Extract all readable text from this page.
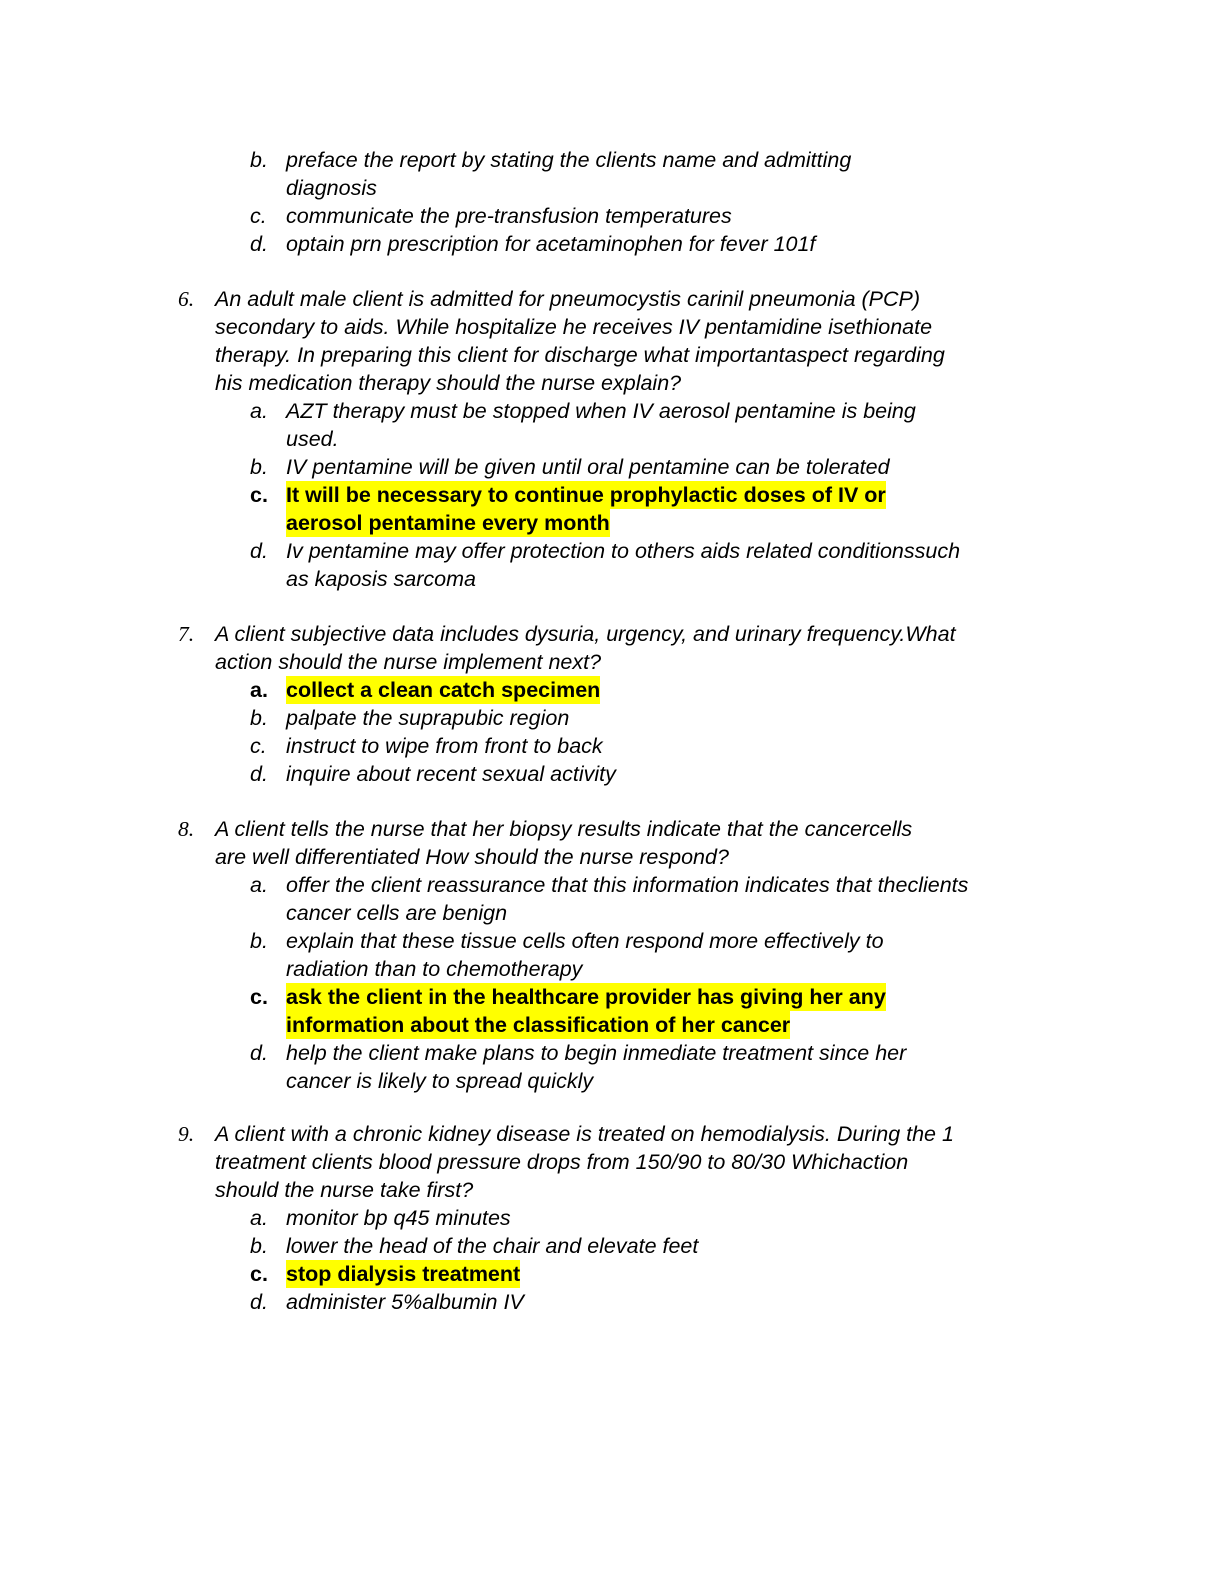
b. preface the report by stating the clients name and admitting
diagnosis
c. communicate the pre-transfusion temperatures
d. optain prn prescription for acetaminophen for fever 101f
6. An adult male client is admitted for pneumocystis carinil pneumonia (PCP)
secondary to aids. While hospitalize he receives IV pentamidine isethionate
therapy. In preparing this client for discharge what importantaspect regarding
his medication therapy should the nurse explain?
a. AZT therapy must be stopped when IV aerosol pentamine is being
used.
b. IV pentamine will be given until oral pentamine can be tolerated
c. It will be necessary to continue prophylactic doses of IV or
aerosol pentamine every month
d. Iv pentamine may offer protection to others aids related conditionssuch
as kaposis sarcoma
7. A client subjective data includes dysuria, urgency, and urinary frequency.What
action should the nurse implement next?
a. collect a clean catch specimen
b. palpate the suprapubic region
c. instruct to wipe from front to back
d. inquire about recent sexual activity
8. A client tells the nurse that her biopsy results indicate that the cancercells
are well differentiated How should the nurse respond?
a. offer the client reassurance that this information indicates that theclients
cancer cells are benign
b. explain that these tissue cells often respond more effectively to
radiation than to chemotherapy
c. ask the client in the healthcare provider has giving her any
information about the classification of her cancer
d. help the client make plans to begin inmediate treatment since her
cancer is likely to spread quickly
9. A client with a chronic kidney disease is treated on hemodialysis. During the 1
treatment clients blood pressure drops from 150/90 to 80/30 Whichaction
should the nurse take first?
a. monitor bp q45 minutes
b. lower the head of the chair and elevate feet
c. stop dialysis treatment
d. administer 5%albumin IV
